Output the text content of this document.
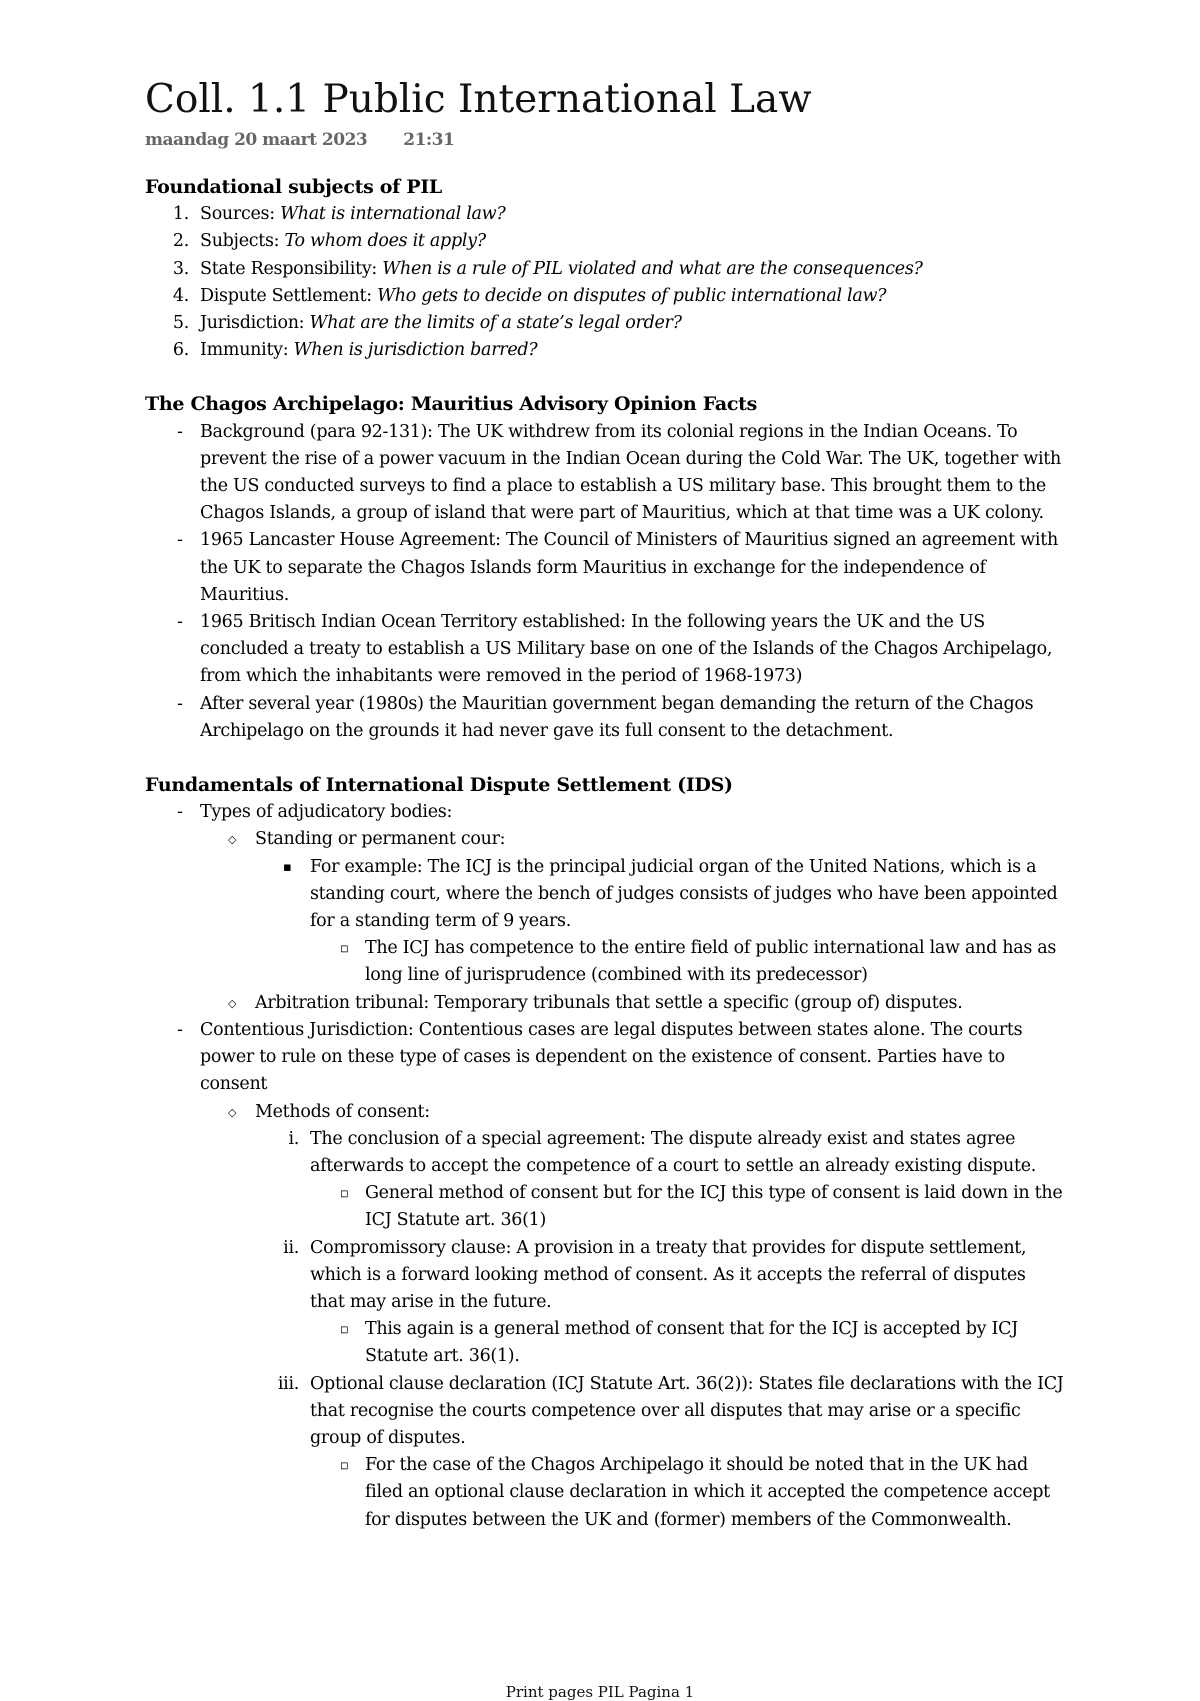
Coll. 1.1 Public International Law
maandag 20 maart 2023 21:31
Foundational subjects of PIL
1. Sources: What is international law?
2. Subjects: To whom does it apply?
3. State Responsibility: When is a rule of PIL violated and what are the consequences?
4. Dispute Settlement: Who gets to decide on disputes of public international law?
5. Jurisdiction: What are the limits of a state’s legal order?
6. Immunity: When is jurisdiction barred?
The Chagos Archipelago: Mauritius Advisory Opinion Facts
- Background (para 92-131): The UK withdrew from its colonial regions in the Indian Oceans. To prevent the rise of a power vacuum in the Indian Ocean during the Cold War. The UK, together with the US conducted surveys to find a place to establish a US military base. This brought them to the Chagos Islands, a group of island that were part of Mauritius, which at that time was a UK colony.
- 1965 Lancaster House Agreement: The Council of Ministers of Mauritius signed an agreement with the UK to separate the Chagos Islands form Mauritius in exchange for the independence of Mauritius.
- 1965 Britisch Indian Ocean Territory established: In the following years the UK and the US concluded a treaty to establish a US Military base on one of the Islands of the Chagos Archipelago, from which the inhabitants were removed in the period of 1968-1973)
- After several year (1980s) the Mauritian government began demanding the return of the Chagos Archipelago on the grounds it had never gave its full consent to the detachment.
Fundamentals of International Dispute Settlement (IDS)
- Types of adjudicatory bodies:
◇ Standing or permanent cour:
▪ For example: The ICJ is the principal judicial organ of the United Nations, which is a standing court, where the bench of judges consists of judges who have been appointed for a standing term of 9 years.
◽ The ICJ has competence to the entire field of public international law and has as long line of jurisprudence (combined with its predecessor)
◇ Arbitration tribunal: Temporary tribunals that settle a specific (group of) disputes.
- Contentious Jurisdiction: Contentious cases are legal disputes between states alone. The courts power to rule on these type of cases is dependent on the existence of consent. Parties have to consent
◇ Methods of consent:
i. The conclusion of a special agreement: The dispute already exist and states agree afterwards to accept the competence of a court to settle an already existing dispute.
◽ General method of consent but for the ICJ this type of consent is laid down in the ICJ Statute art. 36(1)
ii. Compromissory clause: A provision in a treaty that provides for dispute settlement, which is a forward looking method of consent. As it accepts the referral of disputes that may arise in the future.
◽ This again is a general method of consent that for the ICJ is accepted by ICJ Statute art. 36(1).
iii. Optional clause declaration (ICJ Statute Art. 36(2)): States file declarations with the ICJ that recognise the courts competence over all disputes that may arise or a specific group of disputes.
◽ For the case of the Chagos Archipelago it should be noted that in the UK had filed an optional clause declaration in which it accepted the competence accept for disputes between the UK and (former) members of the Commonwealth.
Print pages PIL Pagina 1
